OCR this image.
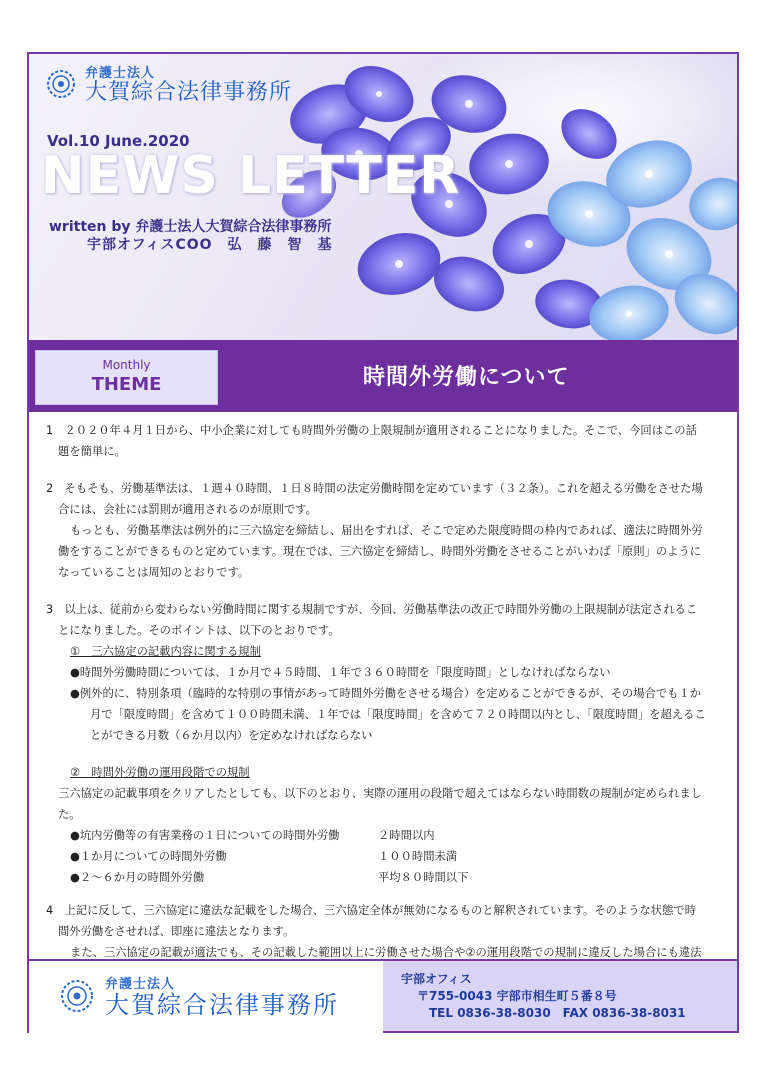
弁護士法人
大賀綜合法律事務所
Vol.10 June.2020
NEWS LETTER
written by 弁護士法人大賀綜合法律事務所
宇部オフィスCOO　弘　藤　智　基
Monthly
THEME	時間外労働について

1　２０２０年４月１日から、中小企業に対しても時間外労働の上限規制が適用されることになりました。そこで、今回はこの話題を簡単に。

2　そもそも、労働基準法は、１週４０時間、１日８時間の法定労働時間を定めています（３２条）。これを超える労働をさせた場合には、会社には罰則が適用されるのが原則です。

もっとも、労働基準法は例外的に三六協定を締結し、届出をすれば、そこで定めた限度時間の枠内であれば、適法に時間外労働をすることができるものと定めています。現在では、三六協定を締結し、時間外労働をさせることがいわば「原則」のようになっていることは周知のとおりです。

3　以上は、従前から変わらない労働時間に関する規制ですが、今回、労働基準法の改正で時間外労働の上限規制が法定されることになりました。そのポイントは、以下のとおりです。

①　三六協定の記載内容に関する規制

●時間外労働時間については、１か月で４５時間、１年で３６０時間を「限度時間」としなければならない

●例外的に、特別条項（臨時的な特別の事情があって時間外労働をさせる場合）を定めることができるが、その場合でも１か月で「限度時間」を含めて１００時間未満、１年では「限度時間」を含めて７２０時間以内とし、「限度時間」を超えることができる月数（６か月以内）を定めなければならない

②　時間外労働の運用段階での規制

三六協定の記載事項をクリアしたとしても、以下のとおり、実際の運用の段階で超えてはならない時間数の規制が定められました。

●坑内労働等の有害業務の１日についての時間外労働	２時間以内
●１か月についての時間外労働	１００時間未満
●２～６か月の時間外労働	平均８０時間以下

4　上記に反して、三六協定に違法な記載をした場合、三六協定全体が無効になるものと解釈されています。そのような状態で時間外労働をさせれば、即座に違法となります。

また、三六協定の記載が適法でも、その記載した範囲以上に労働させた場合や②の運用段階での規制に違反した場合にも違法

弁護士法人
大賀綜合法律事務所
宇部オフィス
〒755-0043 宇部市相生町５番８号
TEL 0836-38-8030　FAX 0836-38-8031
